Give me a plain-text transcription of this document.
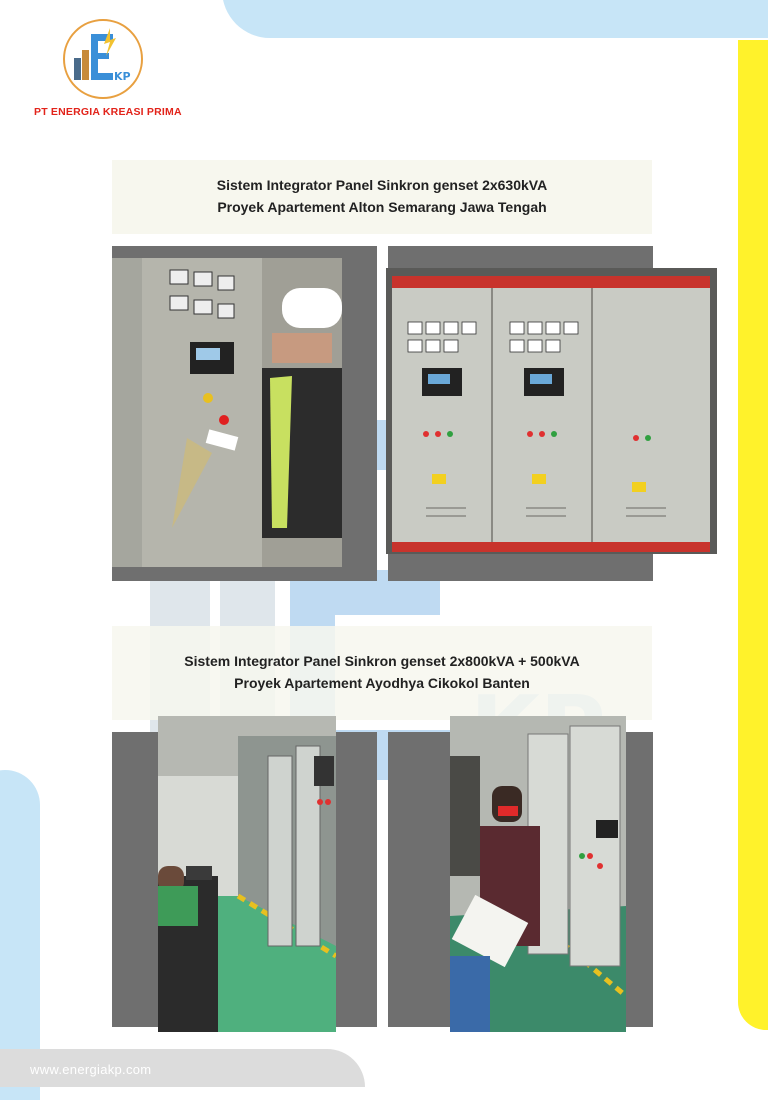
KP
PT ENERGIA KREASI PRIMA
Sistem Integrator Panel Sinkron genset 2x630kVA
Proyek Apartement Alton Semarang Jawa Tengah
Sistem Integrator Panel Sinkron genset 2x800kVA + 500kVA
Proyek Apartement Ayodhya Cikokol Banten
www.energiakp.com
